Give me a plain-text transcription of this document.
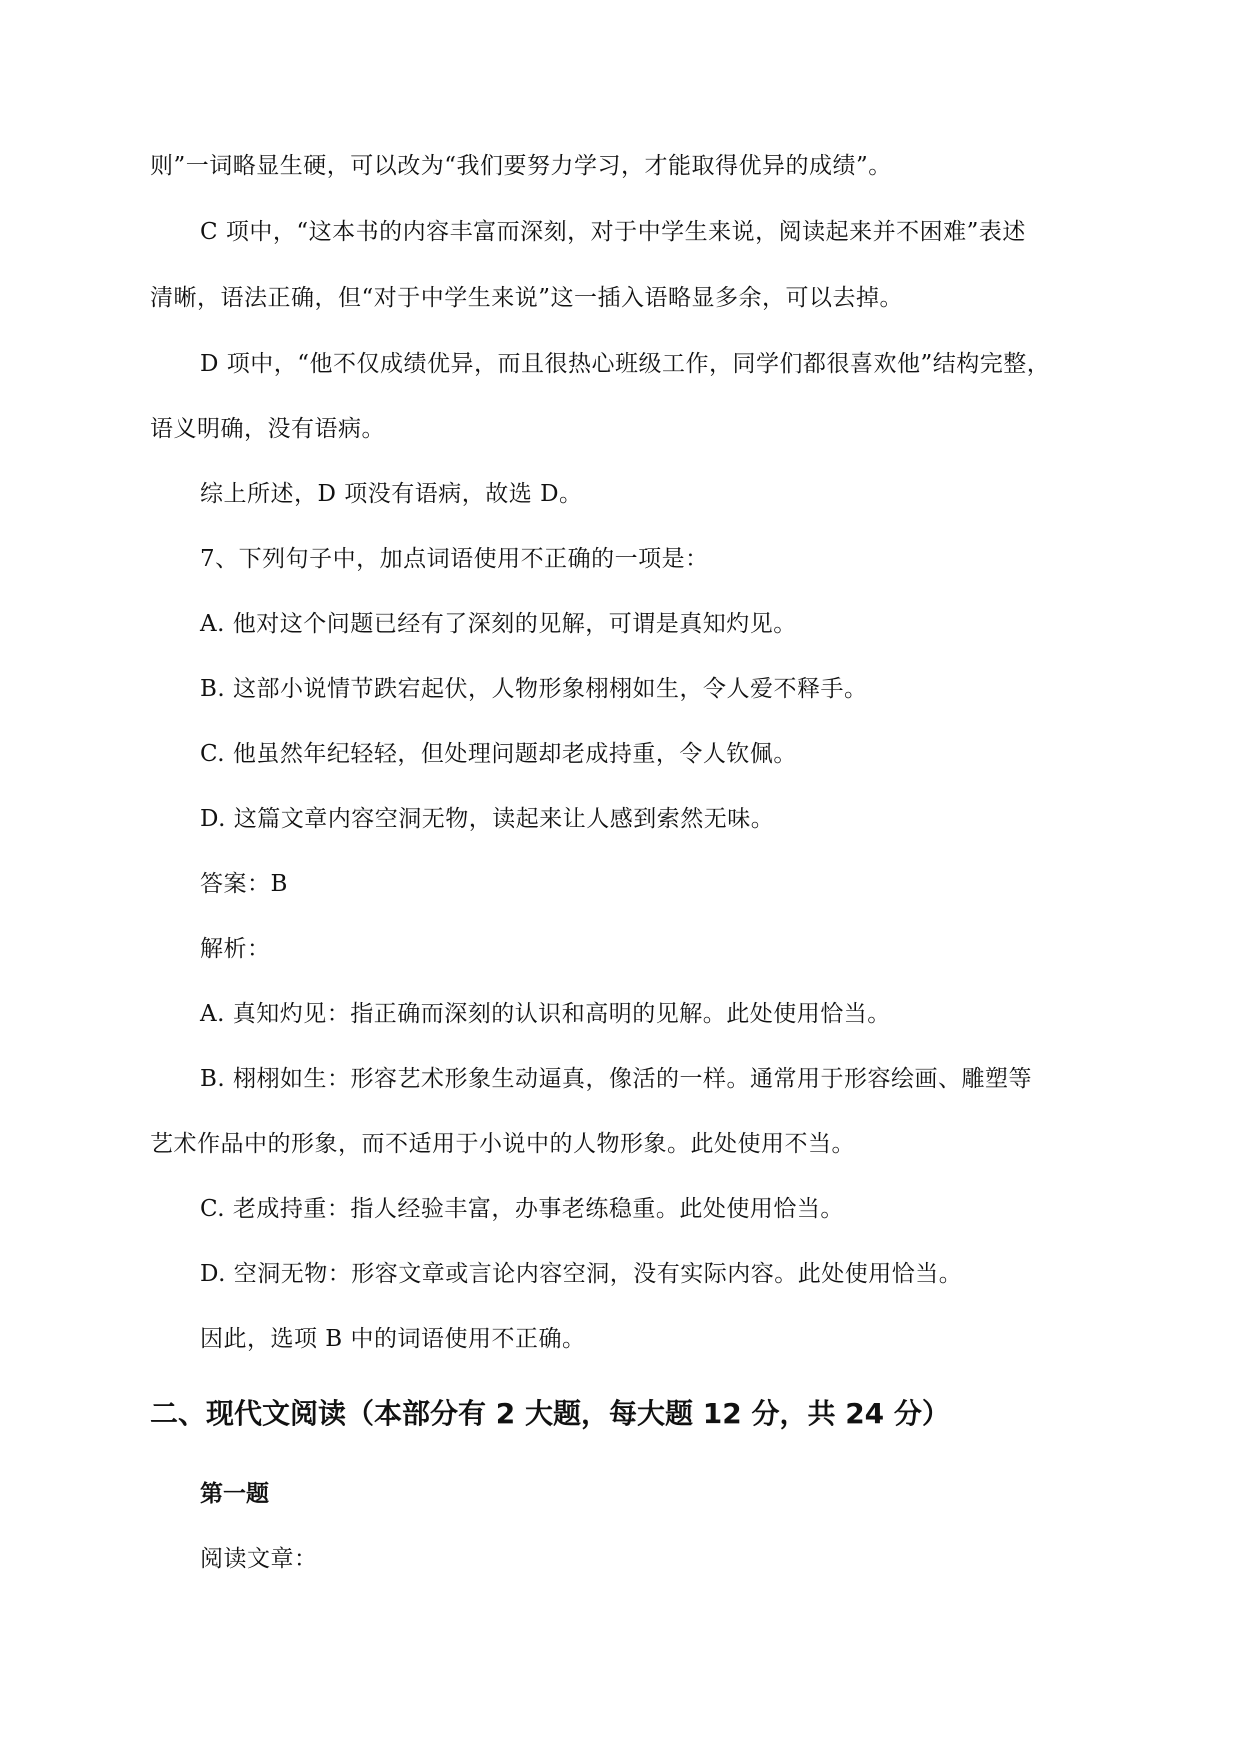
则”一词略显生硬，可以改为“我们要努力学习，才能取得优异的成绩”。
C 项中，“这本书的内容丰富而深刻，对于中学生来说，阅读起来并不困难”表述
清晰，语法正确，但“对于中学生来说”这一插入语略显多余，可以去掉。
D 项中，“他不仅成绩优异，而且很热心班级工作，同学们都很喜欢他”结构完整，
语义明确，没有语病。
综上所述，D 项没有语病，故选 D。
7、下列句子中，加点词语使用不正确的一项是：
A. 他对这个问题已经有了深刻的见解，可谓是真知灼见。
B. 这部小说情节跌宕起伏，人物形象栩栩如生，令人爱不释手。
C. 他虽然年纪轻轻，但处理问题却老成持重，令人钦佩。
D. 这篇文章内容空洞无物，读起来让人感到索然无味。
答案：B
解析：
A. 真知灼见：指正确而深刻的认识和高明的见解。此处使用恰当。
B. 栩栩如生：形容艺术形象生动逼真，像活的一样。通常用于形容绘画、雕塑等
艺术作品中的形象，而不适用于小说中的人物形象。此处使用不当。
C. 老成持重：指人经验丰富，办事老练稳重。此处使用恰当。
D. 空洞无物：形容文章或言论内容空洞，没有实际内容。此处使用恰当。
因此，选项 B 中的词语使用不正确。
二、现代文阅读（本部分有 2 大题，每大题 12 分，共 24 分）
第一题
阅读文章：
